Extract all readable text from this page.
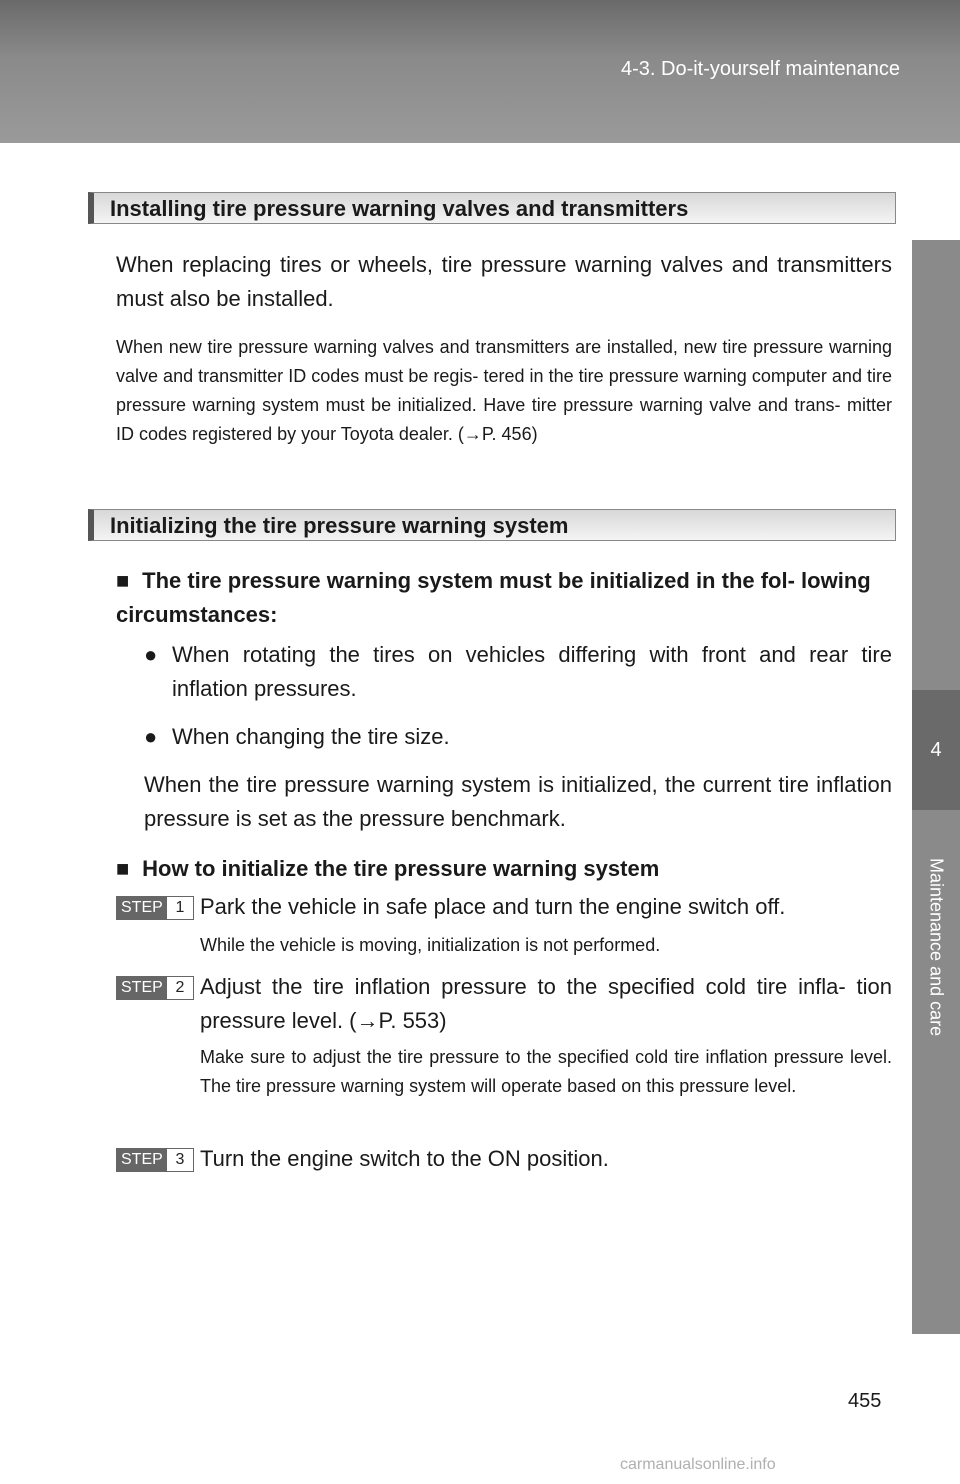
4-3. Do-it-yourself maintenance
4
Maintenance and care
Installing tire pressure warning valves and transmitters
When replacing tires or wheels, tire pressure warning valves and transmitters must also be installed.
When new tire pressure warning valves and transmitters are installed, new tire pressure warning valve and transmitter ID codes must be regis- tered in the tire pressure warning computer and tire pressure warning system must be initialized. Have tire pressure warning valve and trans- mitter ID codes registered by your Toyota dealer. (→P. 456)
Initializing the tire pressure warning system
■ The tire pressure warning system must be initialized in the fol- lowing circumstances:
● When rotating the tires on vehicles differing with front and rear tire inflation pressures.
● When changing the tire size.
When the tire pressure warning system is initialized, the current tire inflation pressure is set as the pressure benchmark.
■ How to initialize the tire pressure warning system
STEP 1 Park the vehicle in safe place and turn the engine switch off.
While the vehicle is moving, initialization is not performed.
STEP 2 Adjust the tire inflation pressure to the specified cold tire infla- tion pressure level. (→P. 553)
Make sure to adjust the tire pressure to the specified cold tire inflation pressure level. The tire pressure warning system will operate based on this pressure level.
STEP 3 Turn the engine switch to the ON position.
455
carmanualsonline.info
